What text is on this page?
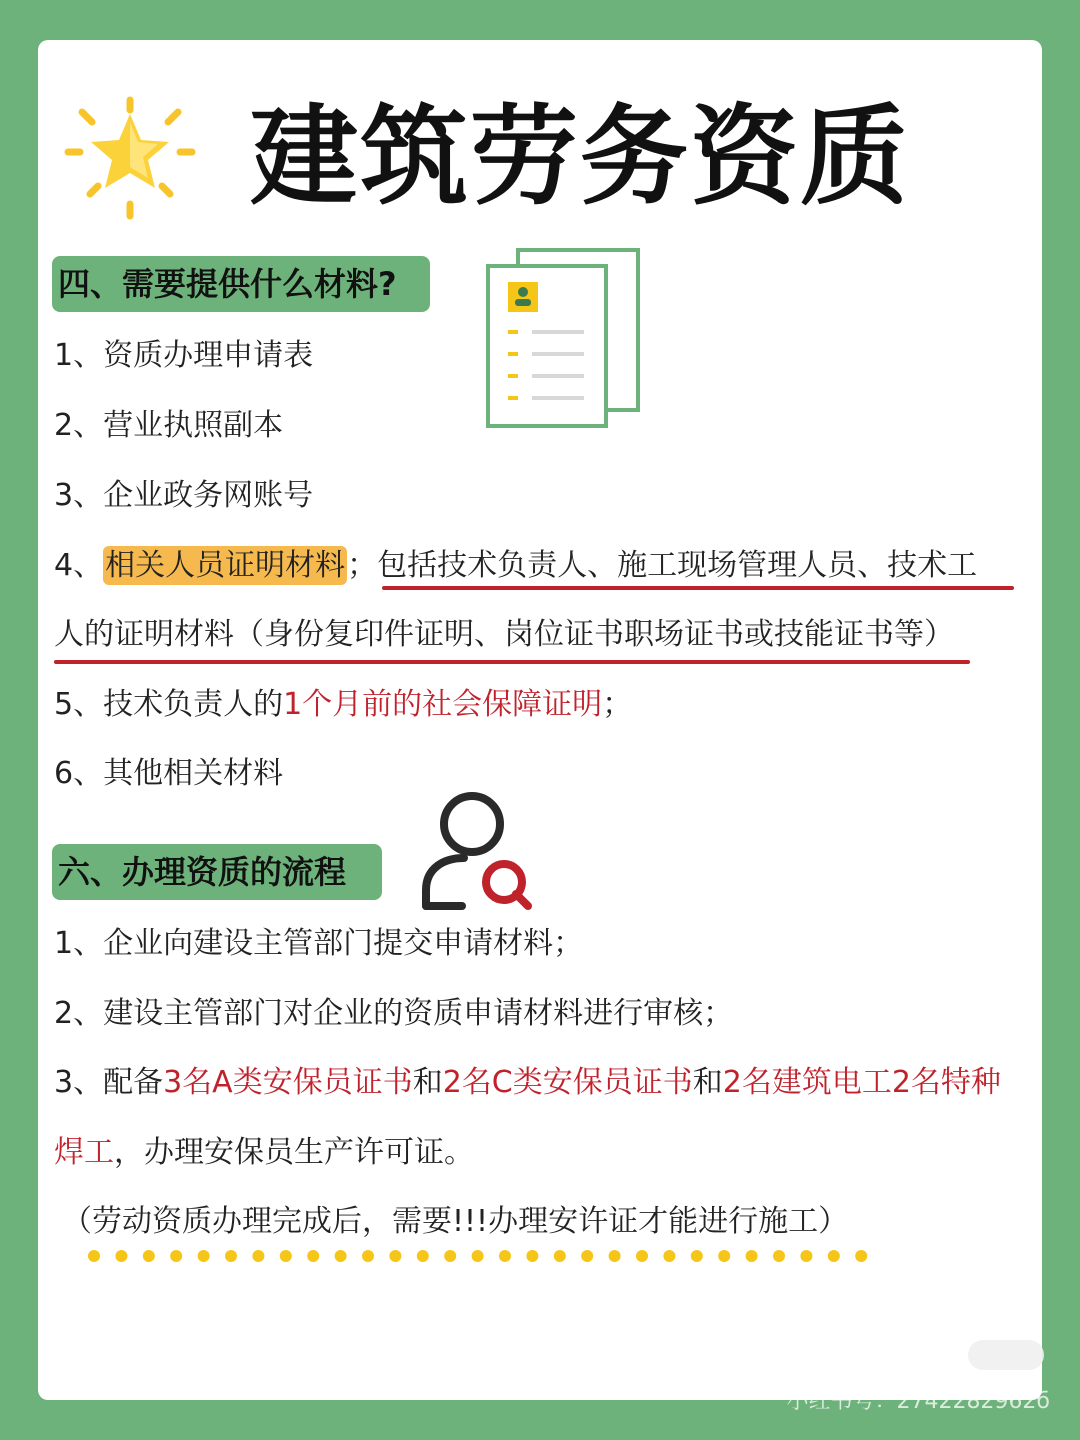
建筑劳务资质
四、需要提供什么材料?
1、资质办理申请表
2、营业执照副本
3、企业政务网账号
4、相关人员证明材料；包括技术负责人、施工现场管理人员、技术工
人的证明材料（身份复印件证明、岗位证书职场证书或技能证书等）
5、技术负责人的1个月前的社会保障证明；
6、其他相关材料
六、办理资质的流程
1、企业向建设主管部门提交申请材料；
2、建设主管部门对企业的资质申请材料进行审核；
3、配备3名A类安保员证书和2名C类安保员证书和2名建筑电工2名特种
焊工，办理安保员生产许可证。
（劳动资质办理完成后，需要!!!办理安许证才能进行施工）
小红书号：2742282962б
